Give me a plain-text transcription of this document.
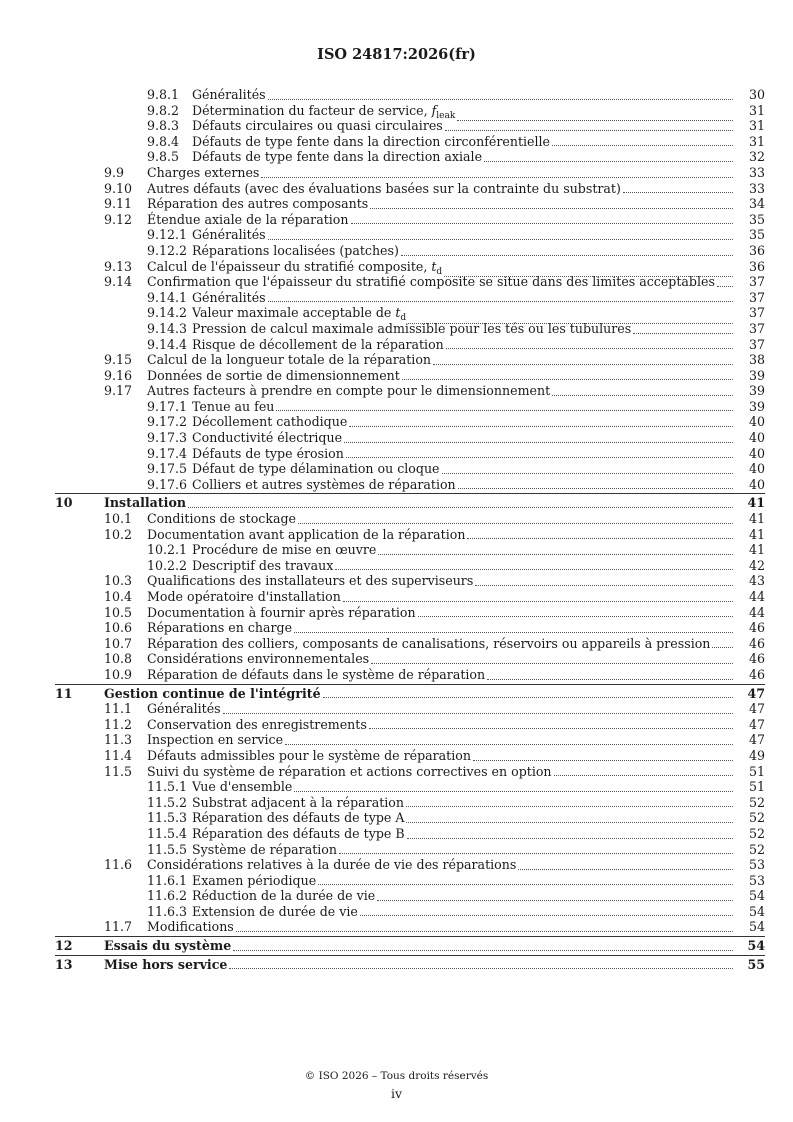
ISO 24817:2026(fr)
9.8.1 Généralités	30
9.8.2 Détermination du facteur de service, $f_{leak}$	31
9.8.3 Défauts circulaires ou quasi circulaires	31
9.8.4 Défauts de type fente dans la direction circonférentielle	31
9.8.5 Défauts de type fente dans la direction axiale	32
9.9 Charges externes	33
9.10 Autres défauts (avec des évaluations basées sur la contrainte du substrat)	33
9.11 Réparation des autres composants	34
9.12 Étendue axiale de la réparation	35
9.12.1 Généralités	35
9.12.2 Réparations localisées (patches)	36
9.13 Calcul de l'épaisseur du stratifié composite, $t_d$	36
9.14 Confirmation que l'épaisseur du stratifié composite se situe dans des limites acceptables	37
9.14.1 Généralités	37
9.14.2 Valeur maximale acceptable de $t_d$	37
9.14.3 Pression de calcul maximale admissible pour les tés ou les tubulures	37
9.14.4 Risque de décollement de la réparation	37
9.15 Calcul de la longueur totale de la réparation	38
9.16 Données de sortie de dimensionnement	39
9.17 Autres facteurs à prendre en compte pour le dimensionnement	39
9.17.1 Tenue au feu	39
9.17.2 Décollement cathodique	40
9.17.3 Conductivité électrique	40
9.17.4 Défauts de type érosion	40
9.17.5 Défaut de type délamination ou cloque	40
9.17.6 Colliers et autres systèmes de réparation	40
10 Installation	41
10.1 Conditions de stockage	41
10.2 Documentation avant application de la réparation	41
10.2.1 Procédure de mise en œuvre	41
10.2.2 Descriptif des travaux	42
10.3 Qualifications des installateurs et des superviseurs	43
10.4 Mode opératoire d'installation	44
10.5 Documentation à fournir après réparation	44
10.6 Réparations en charge	46
10.7 Réparation des colliers, composants de canalisations, réservoirs ou appareils à pression	46
10.8 Considérations environnementales	46
10.9 Réparation de défauts dans le système de réparation	46
11 Gestion continue de l'intégrité	47
11.1 Généralités	47
11.2 Conservation des enregistrements	47
11.3 Inspection en service	47
11.4 Défauts admissibles pour le système de réparation	49
11.5 Suivi du système de réparation et actions correctives en option	51
11.5.1 Vue d'ensemble	51
11.5.2 Substrat adjacent à la réparation	52
11.5.3 Réparation des défauts de type A	52
11.5.4 Réparation des défauts de type B	52
11.5.5 Système de réparation	52
11.6 Considérations relatives à la durée de vie des réparations	53
11.6.1 Examen périodique	53
11.6.2 Réduction de la durée de vie	54
11.6.3 Extension de durée de vie	54
11.7 Modifications	54
12 Essais du système	54
13 Mise hors service	55
© ISO 2026 – Tous droits réservés
iv
